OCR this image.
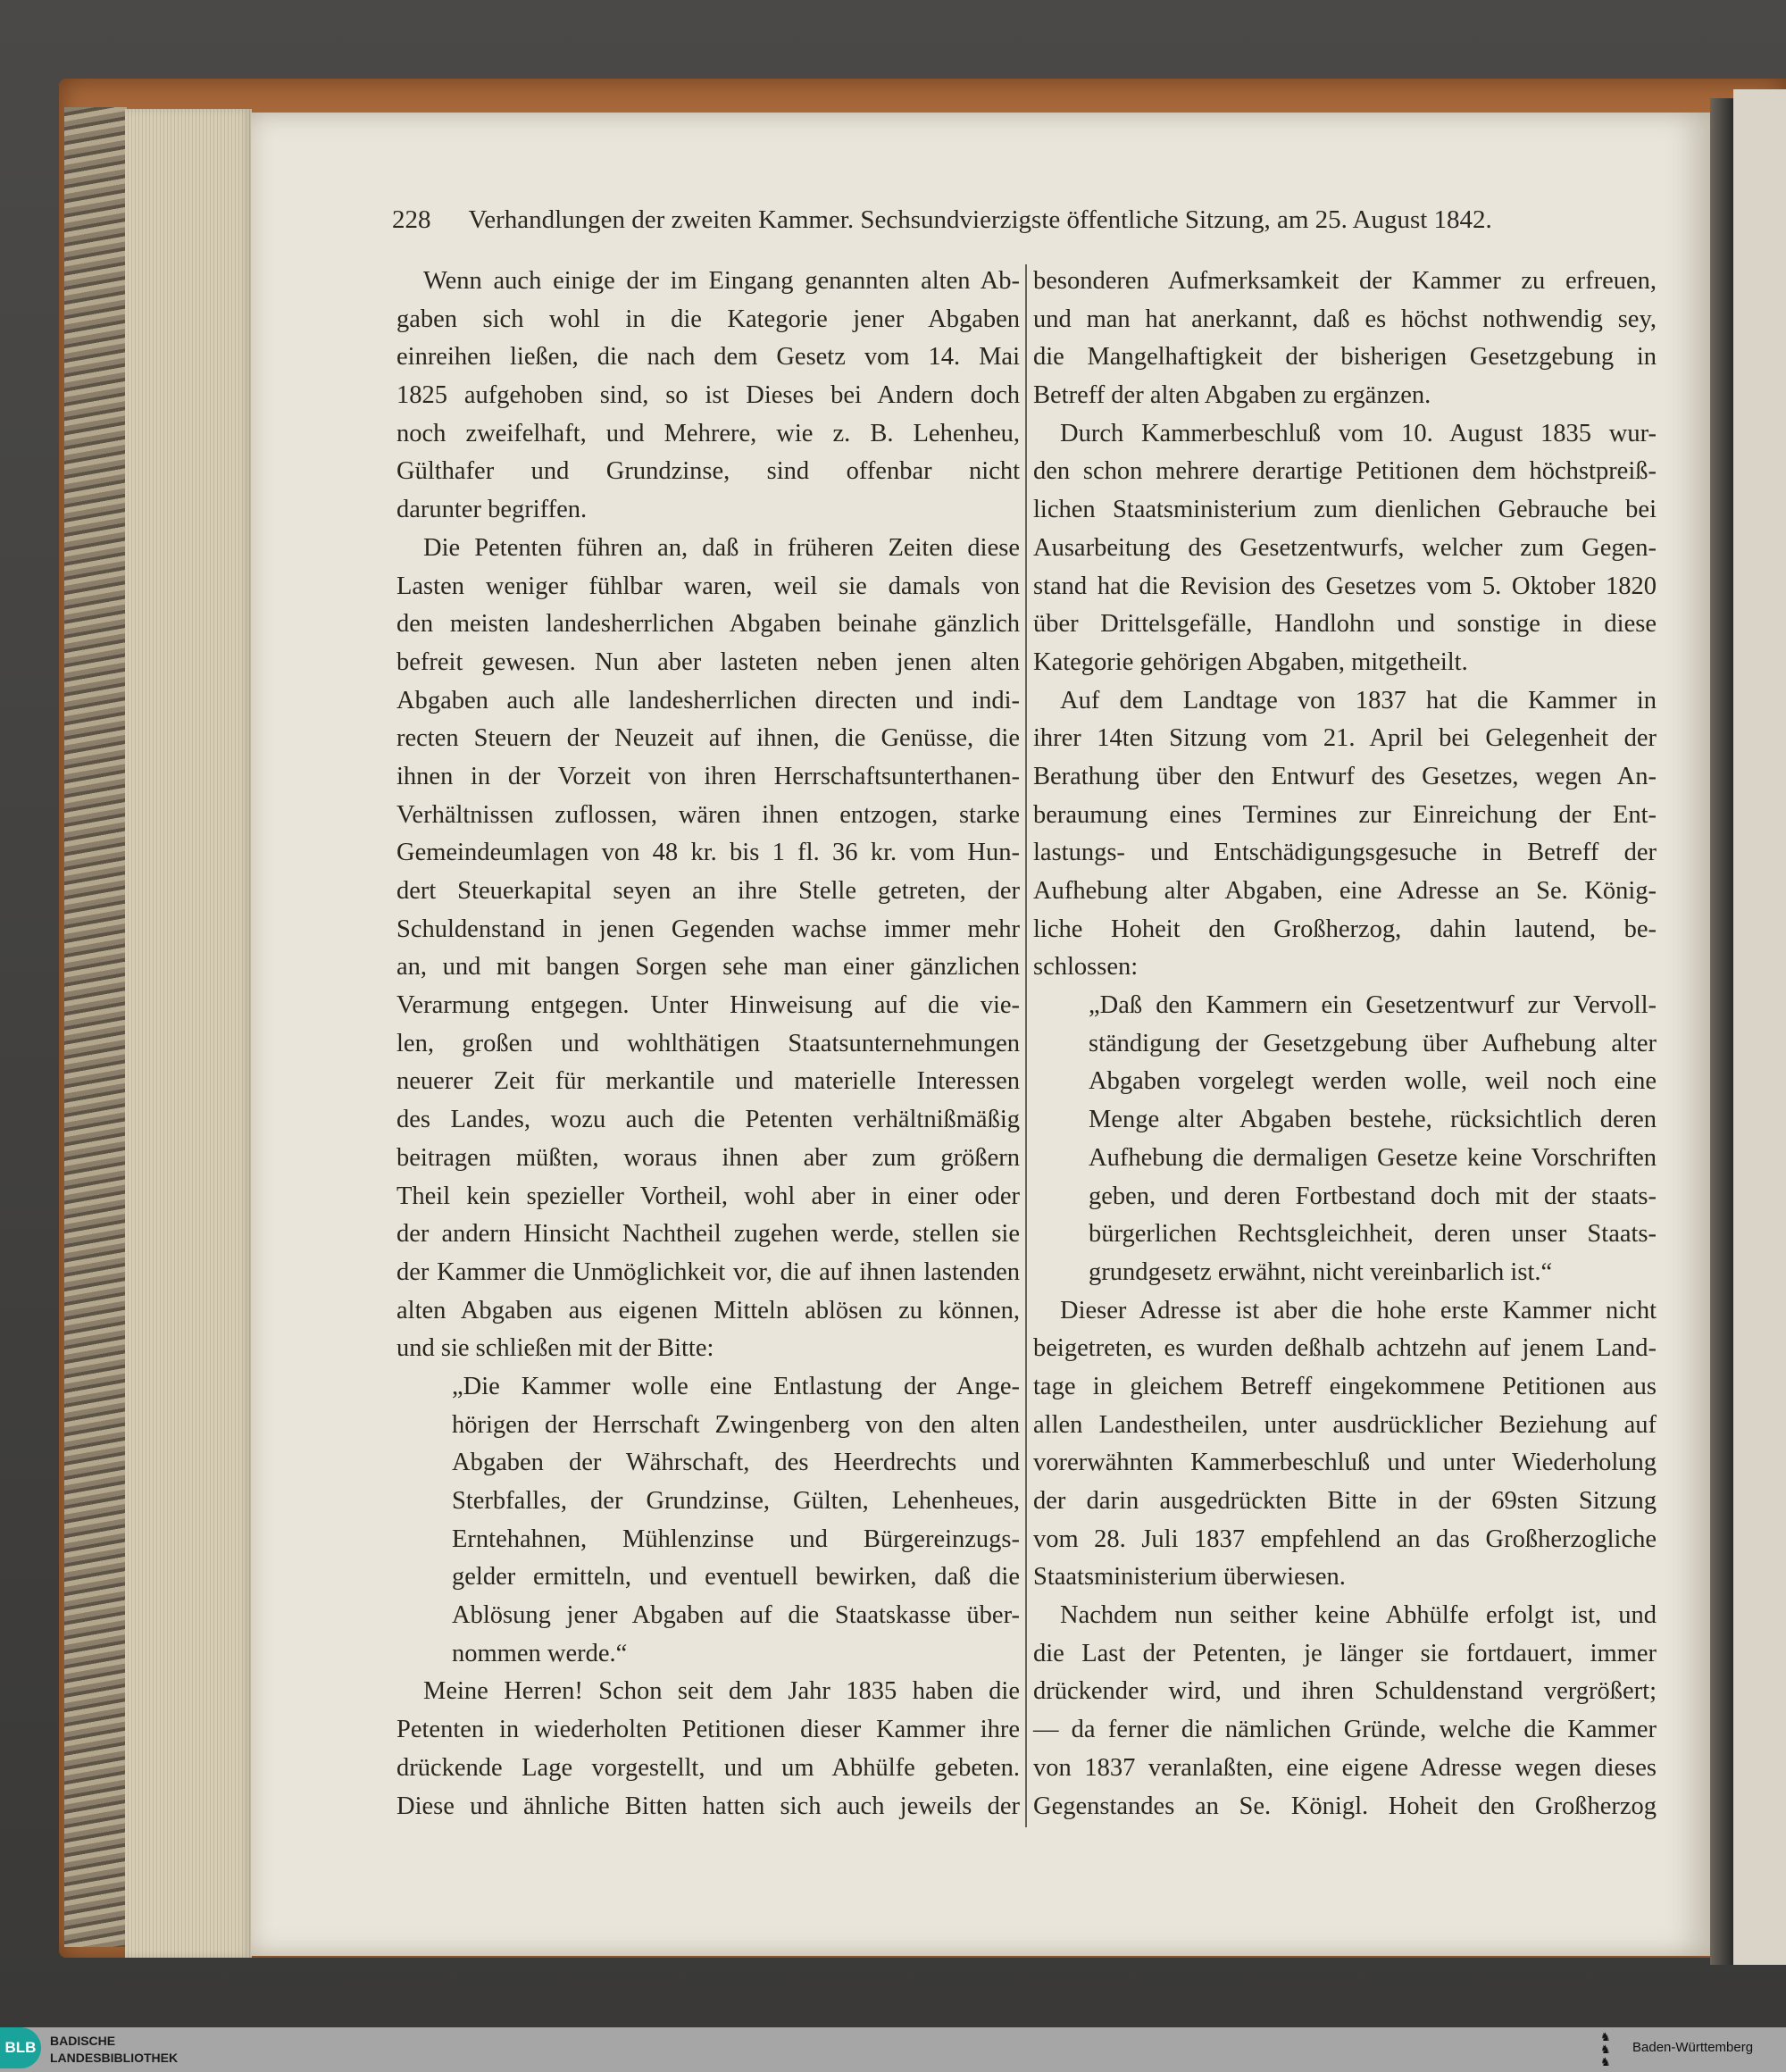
228 Verhandlungen der zweiten Kammer. Sechsundvierzigste öffentliche Sitzung, am 25. August 1842.
Wenn auch einige der im Eingang genannten alten Ab-
gaben sich wohl in die Kategorie jener Abgaben
einreihen ließen, die nach dem Gesetz vom 14. Mai
1825 aufgehoben sind, so ist Dieses bei Andern doch
noch zweifelhaft, und Mehrere, wie z. B. Lehenheu,
Gülthafer und Grundzinse, sind offenbar nicht
darunter begriffen.
Die Petenten führen an, daß in früheren Zeiten diese
Lasten weniger fühlbar waren, weil sie damals von
den meisten landesherrlichen Abgaben beinahe gänzlich
befreit gewesen. Nun aber lasteten neben jenen alten
Abgaben auch alle landesherrlichen directen und indi-
recten Steuern der Neuzeit auf ihnen, die Genüsse, die
ihnen in der Vorzeit von ihren Herrschaftsunterthanen-
Verhältnissen zuflossen, wären ihnen entzogen, starke
Gemeindeumlagen von 48 kr. bis 1 fl. 36 kr. vom Hun-
dert Steuerkapital seyen an ihre Stelle getreten, der
Schuldenstand in jenen Gegenden wachse immer mehr
an, und mit bangen Sorgen sehe man einer gänzlichen
Verarmung entgegen. Unter Hinweisung auf die vie-
len, großen und wohlthätigen Staatsunternehmungen
neuerer Zeit für merkantile und materielle Interessen
des Landes, wozu auch die Petenten verhältnißmäßig
beitragen müßten, woraus ihnen aber zum größern
Theil kein spezieller Vortheil, wohl aber in einer oder
der andern Hinsicht Nachtheil zugehen werde, stellen sie
der Kammer die Unmöglichkeit vor, die auf ihnen lastenden
alten Abgaben aus eigenen Mitteln ablösen zu können,
und sie schließen mit der Bitte:
„Die Kammer wolle eine Entlastung der Ange-
hörigen der Herrschaft Zwingenberg von den alten
Abgaben der Währschaft, des Heerdrechts und
Sterbfalles, der Grundzinse, Gülten, Lehenheues,
Erntehahnen, Mühlenzinse und Bürgereinzugs-
gelder ermitteln, und eventuell bewirken, daß die
Ablösung jener Abgaben auf die Staatskasse über-
nommen werde.“
Meine Herren! Schon seit dem Jahr 1835 haben die
Petenten in wiederholten Petitionen dieser Kammer ihre
drückende Lage vorgestellt, und um Abhülfe gebeten.
Diese und ähnliche Bitten hatten sich auch jeweils der
besonderen Aufmerksamkeit der Kammer zu erfreuen,
und man hat anerkannt, daß es höchst nothwendig sey,
die Mangelhaftigkeit der bisherigen Gesetzgebung in
Betreff der alten Abgaben zu ergänzen.
Durch Kammerbeschluß vom 10. August 1835 wur-
den schon mehrere derartige Petitionen dem höchstpreiß-
lichen Staatsministerium zum dienlichen Gebrauche bei
Ausarbeitung des Gesetzentwurfs, welcher zum Gegen-
stand hat die Revision des Gesetzes vom 5. Oktober 1820
über Drittelsgefälle, Handlohn und sonstige in diese
Kategorie gehörigen Abgaben, mitgetheilt.
Auf dem Landtage von 1837 hat die Kammer in
ihrer 14ten Sitzung vom 21. April bei Gelegenheit der
Berathung über den Entwurf des Gesetzes, wegen An-
beraumung eines Termines zur Einreichung der Ent-
lastungs- und Entschädigungsgesuche in Betreff der
Aufhebung alter Abgaben, eine Adresse an Se. König-
liche Hoheit den Großherzog, dahin lautend, be-
schlossen:
„Daß den Kammern ein Gesetzentwurf zur Vervoll-
ständigung der Gesetzgebung über Aufhebung alter
Abgaben vorgelegt werden wolle, weil noch eine
Menge alter Abgaben bestehe, rücksichtlich deren
Aufhebung die dermaligen Gesetze keine Vorschriften
geben, und deren Fortbestand doch mit der staats-
bürgerlichen Rechtsgleichheit, deren unser Staats-
grundgesetz erwähnt, nicht vereinbarlich ist.“
Dieser Adresse ist aber die hohe erste Kammer nicht
beigetreten, es wurden deßhalb achtzehn auf jenem Land-
tage in gleichem Betreff eingekommene Petitionen aus
allen Landestheilen, unter ausdrücklicher Beziehung auf
vorerwähnten Kammerbeschluß und unter Wiederholung
der darin ausgedrückten Bitte in der 69sten Sitzung
vom 28. Juli 1837 empfehlend an das Großherzogliche
Staatsministerium überwiesen.
Nachdem nun seither keine Abhülfe erfolgt ist, und
die Last der Petenten, je länger sie fortdauert, immer
drückender wird, und ihren Schuldenstand vergrößert;
— da ferner die nämlichen Gründe, welche die Kammer
von 1837 veranlaßten, eine eigene Adresse wegen dieses
Gegenstandes an Se. Königl. Hoheit den Großherzog
BLB BADISCHE
LANDESBIBLIOTHEK
♞
♞
♞
Baden-Württemberg
